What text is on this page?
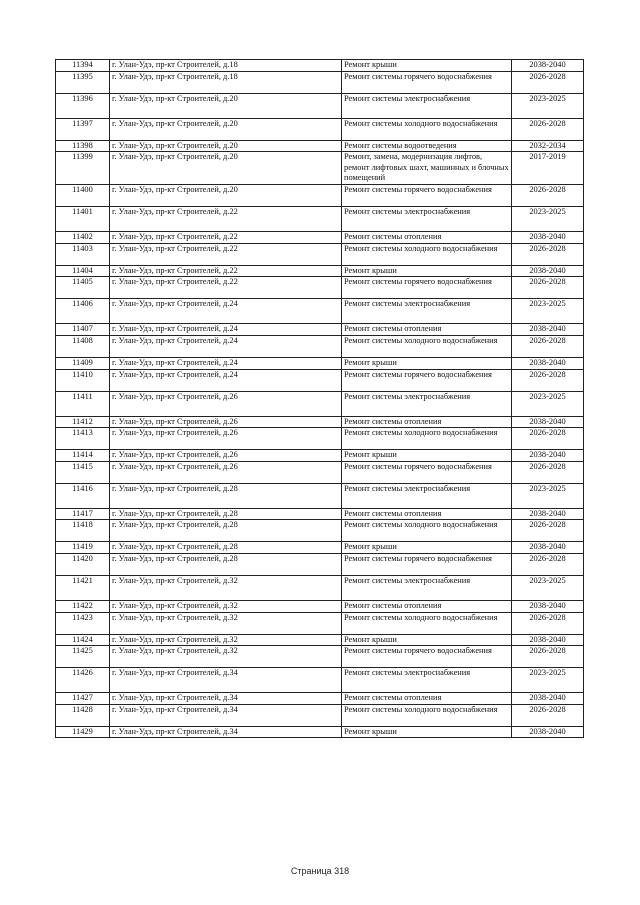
11394	г. Улан-Удэ, пр-кт Строителей, д.18	Ремонт крыши	2038-2040
11395	г. Улан-Удэ, пр-кт Строителей, д.18	Ремонт системы горячего водоснабжения	2026-2028
11396	г. Улан-Удэ, пр-кт Строителей, д.20	Ремонт системы электроснабжения	2023-2025
11397	г. Улан-Удэ, пр-кт Строителей, д.20	Ремонт системы холодного водоснабжения	2026-2028
11398	г. Улан-Удэ, пр-кт Строителей, д.20	Ремонт системы водоотведения	2032-2034
11399	г. Улан-Удэ, пр-кт Строителей, д.20	Ремонт, замена, модернизация лифтов, ремонт лифтовых шахт, машинных и блочных помещений	2017-2019
11400	г. Улан-Удэ, пр-кт Строителей, д.20	Ремонт системы горячего водоснабжения	2026-2028
11401	г. Улан-Удэ, пр-кт Строителей, д.22	Ремонт системы электроснабжения	2023-2025
11402	г. Улан-Удэ, пр-кт Строителей, д.22	Ремонт системы отопления	2038-2040
11403	г. Улан-Удэ, пр-кт Строителей, д.22	Ремонт системы холодного водоснабжения	2026-2028
11404	г. Улан-Удэ, пр-кт Строителей, д.22	Ремонт крыши	2038-2040
11405	г. Улан-Удэ, пр-кт Строителей, д.22	Ремонт системы горячего водоснабжения	2026-2028
11406	г. Улан-Удэ, пр-кт Строителей, д.24	Ремонт системы электроснабжения	2023-2025
11407	г. Улан-Удэ, пр-кт Строителей, д.24	Ремонт системы отопления	2038-2040
11408	г. Улан-Удэ, пр-кт Строителей, д.24	Ремонт системы холодного водоснабжения	2026-2028
11409	г. Улан-Удэ, пр-кт Строителей, д.24	Ремонт крыши	2038-2040
11410	г. Улан-Удэ, пр-кт Строителей, д.24	Ремонт системы горячего водоснабжения	2026-2028
11411	г. Улан-Удэ, пр-кт Строителей, д.26	Ремонт системы электроснабжения	2023-2025
11412	г. Улан-Удэ, пр-кт Строителей, д.26	Ремонт системы отопления	2038-2040
11413	г. Улан-Удэ, пр-кт Строителей, д.26	Ремонт системы холодного водоснабжения	2026-2028
11414	г. Улан-Удэ, пр-кт Строителей, д.26	Ремонт крыши	2038-2040
11415	г. Улан-Удэ, пр-кт Строителей, д.26	Ремонт системы горячего водоснабжения	2026-2028
11416	г. Улан-Удэ, пр-кт Строителей, д.28	Ремонт системы электроснабжения	2023-2025
11417	г. Улан-Удэ, пр-кт Строителей, д.28	Ремонт системы отопления	2038-2040
11418	г. Улан-Удэ, пр-кт Строителей, д.28	Ремонт системы холодного водоснабжения	2026-2028
11419	г. Улан-Удэ, пр-кт Строителей, д.28	Ремонт крыши	2038-2040
11420	г. Улан-Удэ, пр-кт Строителей, д.28	Ремонт системы горячего водоснабжения	2026-2028
11421	г. Улан-Удэ, пр-кт Строителей, д.32	Ремонт системы электроснабжения	2023-2025
11422	г. Улан-Удэ, пр-кт Строителей, д.32	Ремонт системы отопления	2038-2040
11423	г. Улан-Удэ, пр-кт Строителей, д.32	Ремонт системы холодного водоснабжения	2026-2028
11424	г. Улан-Удэ, пр-кт Строителей, д.32	Ремонт крыши	2038-2040
11425	г. Улан-Удэ, пр-кт Строителей, д.32	Ремонт системы горячего водоснабжения	2026-2028
11426	г. Улан-Удэ, пр-кт Строителей, д.34	Ремонт системы электроснабжения	2023-2025
11427	г. Улан-Удэ, пр-кт Строителей, д.34	Ремонт системы отопления	2038-2040
11428	г. Улан-Удэ, пр-кт Строителей, д.34	Ремонт системы холодного водоснабжения	2026-2028
11429	г. Улан-Удэ, пр-кт Строителей, д.34	Ремонт крыши	2038-2040
Страница 318
